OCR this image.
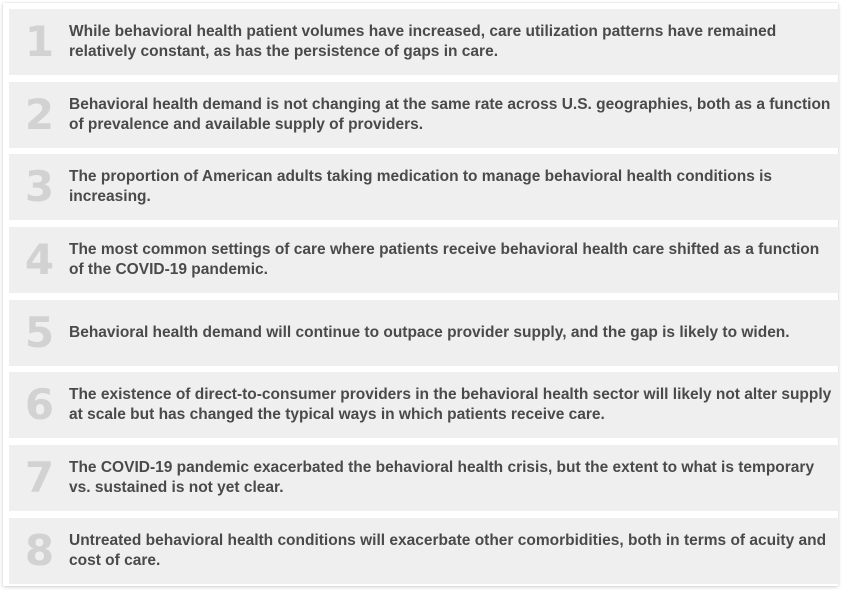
1	While behavioral health patient volumes have increased, care utilization patterns have remained relatively constant, as has the persistence of gaps in care.
2	Behavioral health demand is not changing at the same rate across U.S. geographies, both as a function of prevalence and available supply of providers.
3	The proportion of American adults taking medication to manage behavioral health conditions is increasing.
4	The most common settings of care where patients receive behavioral health care shifted as a function of the COVID-19 pandemic.
5	Behavioral health demand will continue to outpace provider supply, and the gap is likely to widen.
6	The existence of direct-to-consumer providers in the behavioral health sector will likely not alter supply at scale but has changed the typical ways in which patients receive care.
7	The COVID-19 pandemic exacerbated the behavioral health crisis, but the extent to what is temporary vs. sustained is not yet clear.
8	Untreated behavioral health conditions will exacerbate other comorbidities, both in terms of acuity and cost of care.
